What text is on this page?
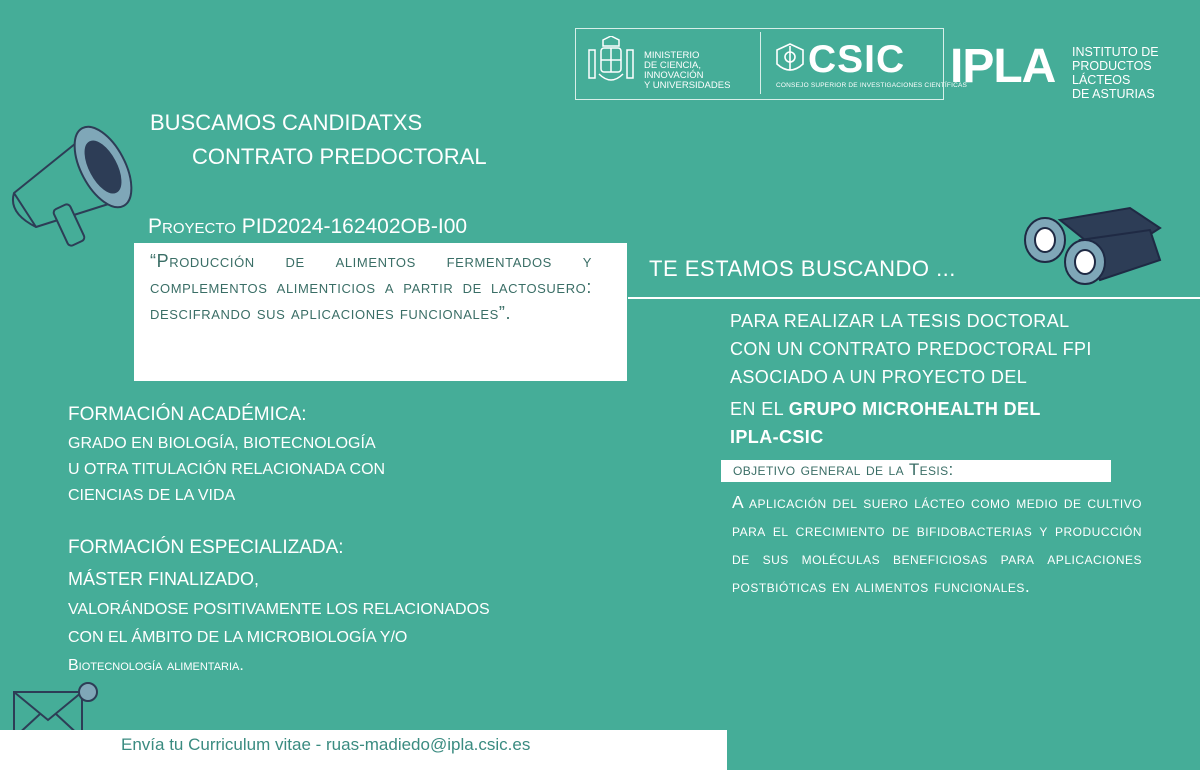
MINISTERIO
DE CIENCIA, INNOVACIÓN
Y UNIVERSIDADES
CSIC
CONSEJO SUPERIOR DE INVESTIGACIONES CIENTÍFICAS
IPLA INSTITUTO DE
PRODUCTOS LÁCTEOS
DE ASTURIAS
BUSCAMOS CANDIDATXS
CONTRATO PREDOCTORAL
Proyecto PID2024-162402OB-I00
“Producción de alimentos fermentados y complementos alimenticios a partir de lactosuero: descifrando sus aplicaciones funcionales”.
FORMACIÓN ACADÉMICA:
GRADO EN BIOLOGÍA, BIOTECNOLOGÍA
U OTRA TITULACIÓN RELACIONADA CON
CIENCIAS DE LA VIDA
FORMACIÓN ESPECIALIZADA:
MÁSTER FINALIZADO,
VALORÁNDOSE POSITIVAMENTE LOS RELACIONADOS
CON EL ÁMBITO DE LA MICROBIOLOGÍA Y/O
Biotecnología alimentaria.
TE ESTAMOS BUSCANDO ...
PARA REALIZAR LA TESIS DOCTORAL
CON UN CONTRATO PREDOCTORAL FPI
ASOCIADO A UN PROYECTO DEL
EN EL GRUPO MICROHEALTH DEL
IPLA-CSIC
objetivo general de la Tesis:
A aplicación del suero lácteo como medio de cultivo para el crecimiento de bifidobacterias y producción de sus moléculas beneficiosas para aplicaciones postbióticas en alimentos funcionales.
Envía tu Curriculum vitae - ruas-madiedo@ipla.csic.es
